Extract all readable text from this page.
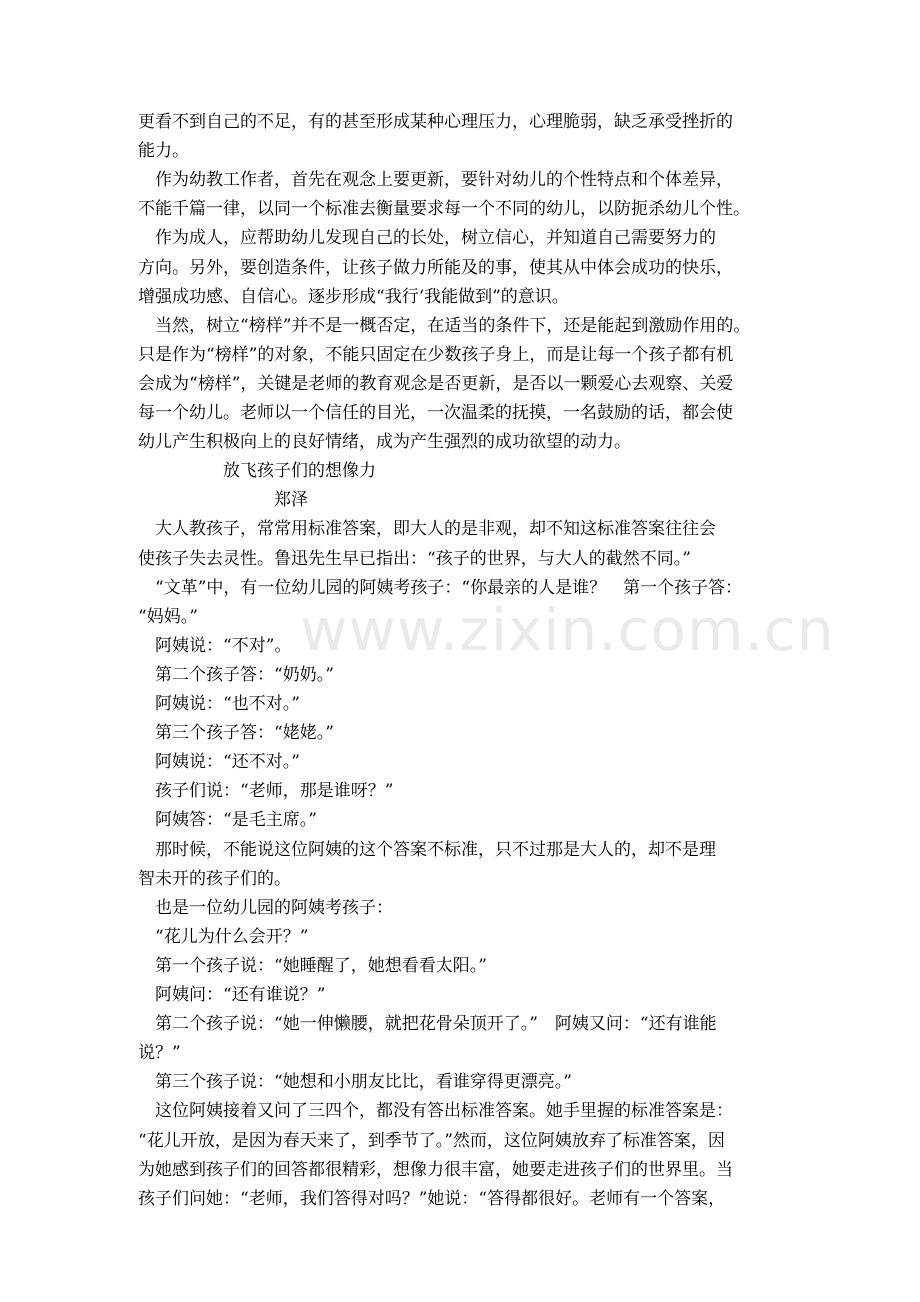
www.zixin.com.cn
更看不到自己的不足，有的甚至形成某种心理压力，心理脆弱，缺乏承受挫折的
能力。
　作为幼教工作者，首先在观念上要更新，要针对幼儿的个性特点和个体差异，
不能千篇一律，以同一个标准去衡量要求每一个不同的幼儿，以防扼杀幼儿个性。
　作为成人，应帮助幼儿发现自己的长处，树立信心，并知道自己需要努力的
方向。另外，要创造条件，让孩子做力所能及的事，使其从中体会成功的快乐，
增强成功感、自信心。逐步形成“我行‘我能做到”的意识。
　当然，树立“榜样”并不是一概否定，在适当的条件下，还是能起到激励作用的。
只是作为“榜样”的对象，不能只固定在少数孩子身上，而是让每一个孩子都有机
会成为“榜样”，关键是老师的教育观念是否更新，是否以一颗爱心去观察、关爱
每一个幼儿。老师以一个信任的目光，一次温柔的抚摸，一名鼓励的话，都会使
幼儿产生积极向上的良好情绪，成为产生强烈的成功欲望的动力。
　　　　　放飞孩子们的想像力
　　　　　　　　郑泽
　大人教孩子，常常用标准答案，即大人的是非观，却不知这标准答案往往会
使孩子失去灵性。鲁迅先生早已指出：“孩子的世界，与大人的截然不同。”
　“文革”中，有一位幼儿园的阿姨考孩子：“你最亲的人是谁？　第一个孩子答：
“妈妈。”
　阿姨说：“不对”。
　第二个孩子答：“奶奶。”
　阿姨说：“也不对。”
　第三个孩子答：“姥姥。”
　阿姨说：“还不对。”
　孩子们说：“老师，那是谁呀？”
　阿姨答：“是毛主席。”
　那时候，不能说这位阿姨的这个答案不标准，只不过那是大人的，却不是理
智未开的孩子们的。
　也是一位幼儿园的阿姨考孩子：
　“花儿为什么会开？”
　第一个孩子说：“她睡醒了，她想看看太阳。”
　阿姨问：“还有谁说？”
　第二个孩子说：“她一伸懒腰，就把花骨朵顶开了。”　阿姨又问：“还有谁能
说？”
　第三个孩子说：“她想和小朋友比比，看谁穿得更漂亮。”
　这位阿姨接着又问了三四个，都没有答出标准答案。她手里握的标准答案是：
“花儿开放，是因为春天来了，到季节了。”然而，这位阿姨放弃了标准答案，因
为她感到孩子们的回答都很精彩，想像力很丰富，她要走进孩子们的世界里。当
孩子们问她：“老师，我们答得对吗？”她说：“答得都很好。老师有一个答案，
